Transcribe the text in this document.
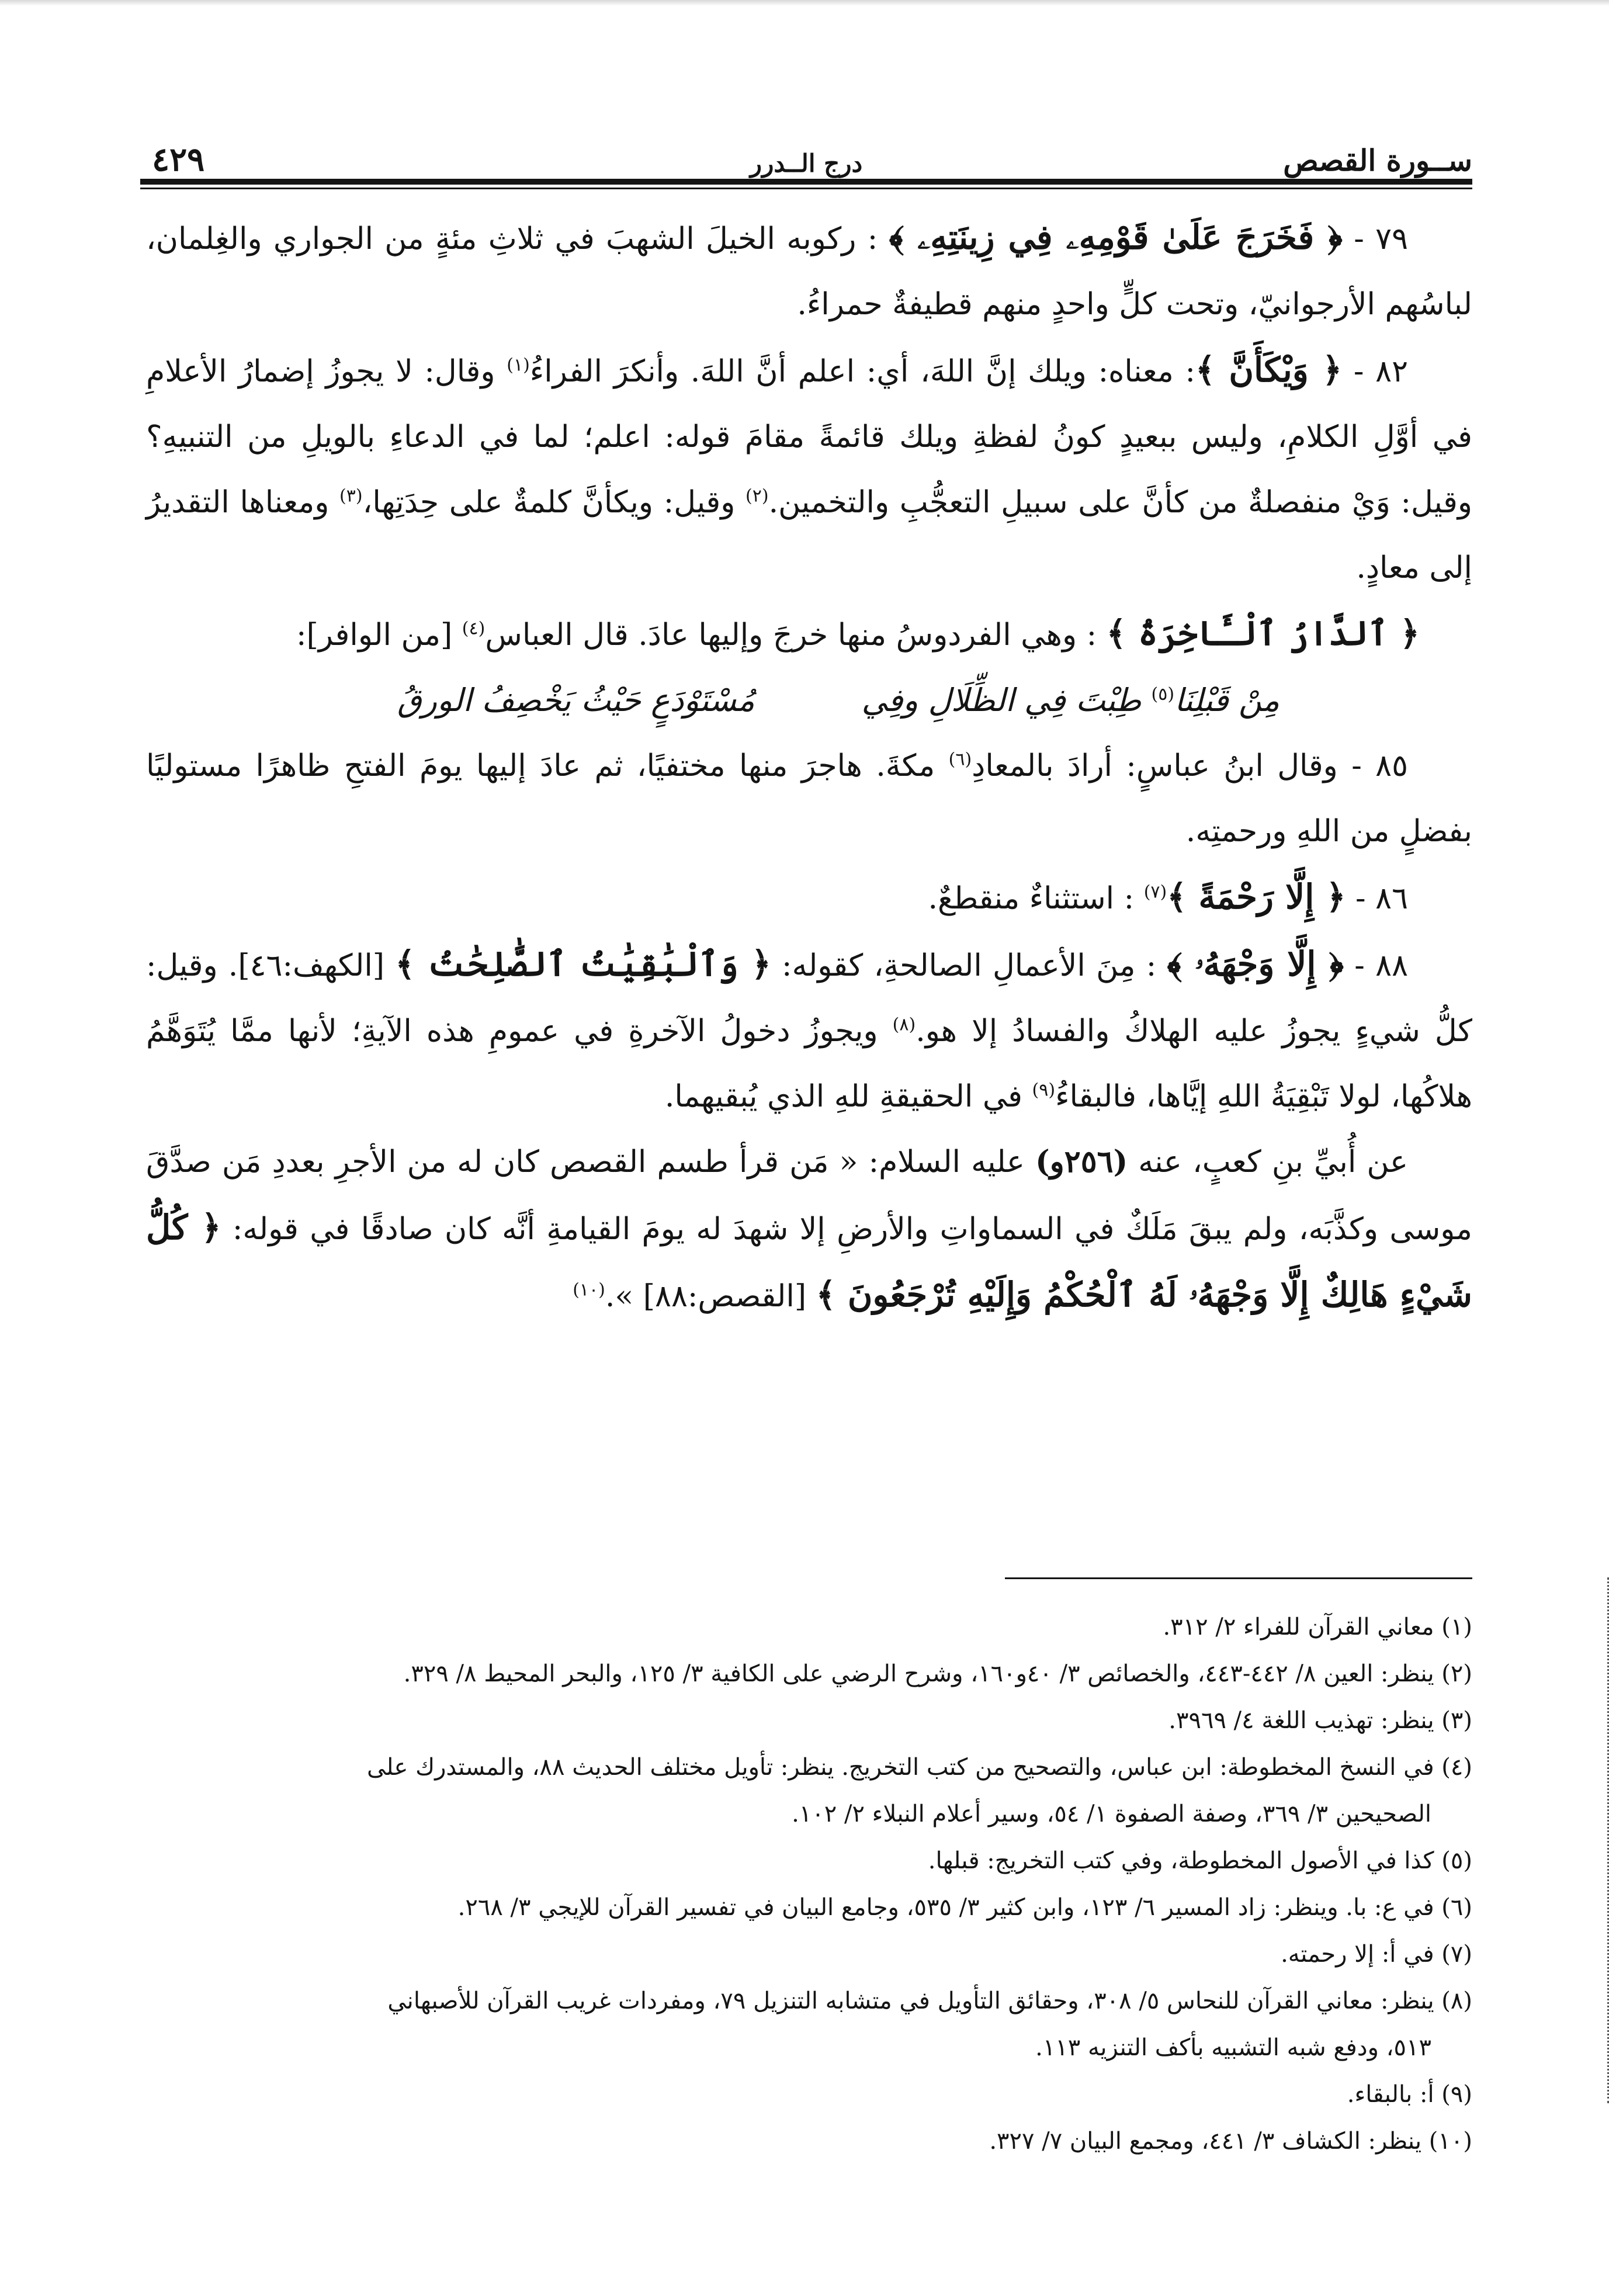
ســورة القصص
درج الــدرر
٤٢٩

٧٩ - ﴿ فَخَرَجَ عَلَىٰ قَوْمِهِۦ فِي زِينَتِهِۦ ﴾ : ركوبه الخيلَ الشهبَ في ثلاثِ مئةٍ من الجواري والغِلمان، لباسُهم الأرجوانيّ، وتحت كلٍّ واحدٍ منهم قطيفةٌ حمراءُ.

٨٢ - ﴿ وَيْكَأَنَّ ﴾: معناه: ويلك إنَّ اللهَ، أي: اعلم أنَّ اللهَ. وأنكرَ الفراءُ$^{(١)}$ وقال: لا يجوزُ إضمارُ الأعلامِ في أوَّلِ الكلامِ، وليس ببعيدٍ كونُ لفظةِ ويلك قائمةً مقامَ قوله: اعلم؛ لما في الدعاءِ بالويلِ من التنبيهِ؟ وقيل: وَيْ منفصلةٌ من كأنَّ على سبيلِ التعجُّبِ والتخمين.$^{(٢)}$ وقيل: ويكأنَّ كلمةٌ على حِدَتِها،$^{(٣)}$ ومعناها التقديرُ إلى معادٍ.

﴿ ٱلدَّارُ ٱلْـَٔاخِرَةُ ﴾ : وهي الفردوسُ منها خرجَ وإليها عادَ. قال العباس$^{(٤)}$ [من الوافر]:

مِنْ قَبْلِنَا$^{(٥)}$ طِبْتَ فِي الظِّلَالِ وفِي
مُسْتَوْدَعٍ حَيْثُ يَخْصِفُ الورقُ

٨٥ - وقال ابنُ عباسٍ: أرادَ بالمعادِ$^{(٦)}$ مكةَ. هاجرَ منها مختفيًا، ثم عادَ إليها يومَ الفتحِ ظاهرًا مستوليًا بفضلٍ من اللهِ ورحمتِه.

٨٦ - ﴿ إِلَّا رَحْمَةً ﴾$^{(٧)}$ : استثناءٌ منقطعٌ.

٨٨ - ﴿ إِلَّا وَجْهَهُۥ ﴾ : مِنَ الأعمالِ الصالحةِ، كقوله: ﴿ وَٱلْبَٰقِيَٰتُ ٱلصَّٰلِحَٰتُ ﴾ [الكهف:٤٦]. وقيل: كلُّ شيءٍ يجوزُ عليه الهلاكُ والفسادُ إلا هو.$^{(٨)}$ ويجوزُ دخولُ الآخرةِ في عمومِ هذه الآيةِ؛ لأنها ممَّا يُتَوَهَّمُ هلاكُها، لولا تَبْقِيَةُ اللهِ إيَّاها، فالبقاءُ$^{(٩)}$ في الحقيقةِ للهِ الذي يُبقيهما.

عن أُبيِّ بنِ كعبٍ، عنه (٢٥٦و) عليه السلام: « مَن قرأ طسم القصص كان له من الأجرِ بعددِ مَن صدَّقَ موسى وكذَّبَه، ولم يبقَ مَلَكٌ في السماواتِ والأرضِ إلا شهدَ له يومَ القيامةِ أنَّه كان صادقًا في قوله: ﴿ كُلُّ شَيْءٍ هَالِكٌ إِلَّا وَجْهَهُۥ لَهُ ٱلْحُكْمُ وَإِلَيْهِ تُرْجَعُونَ ﴾ [القصص:٨٨] ».$^{(١٠)}$

(١) معاني القرآن للفراء ٢/ ٣١٢.
(٢) ينظر: العين ٨/ ٤٤٢-٤٤٣، والخصائص ٣/ ٤٠و١٦٠، وشرح الرضي على الكافية ٣/ ١٢٥، والبحر المحيط ٨/ ٣٢٩.
(٣) ينظر: تهذيب اللغة ٤/ ٣٩٦٩.
(٤) في النسخ المخطوطة: ابن عباس، والتصحيح من كتب التخريج. ينظر: تأويل مختلف الحديث ٨٨، والمستدرك على
الصحيحين ٣/ ٣٦٩، وصفة الصفوة ١/ ٥٤، وسير أعلام النبلاء ٢/ ١٠٢.
(٥) كذا في الأصول المخطوطة، وفي كتب التخريج: قبلها.
(٦) في ع: با. وينظر: زاد المسير ٦/ ١٢٣، وابن كثير ٣/ ٥٣٥، وجامع البيان في تفسير القرآن للإيجي ٣/ ٢٦٨.
(٧) في أ: إلا رحمته.
(٨) ينظر: معاني القرآن للنحاس ٥/ ٣٠٨، وحقائق التأويل في متشابه التنزيل ٧٩، ومفردات غريب القرآن للأصبهاني
٥١٣، ودفع شبه التشبيه بأكف التنزيه ١١٣.
(٩) أ: بالبقاء.
(١٠) ينظر: الكشاف ٣/ ٤٤١، ومجمع البيان ٧/ ٣٢٧.
